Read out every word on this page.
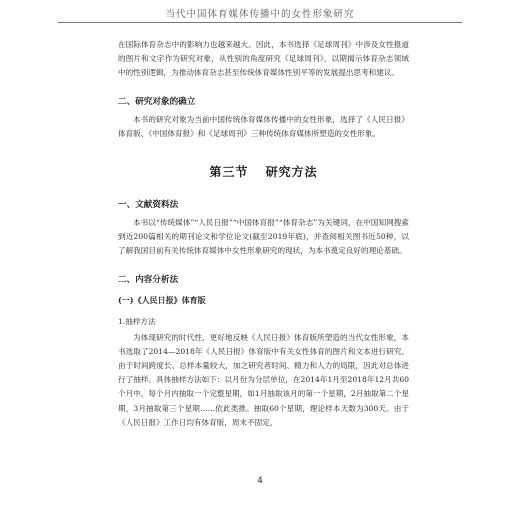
当代中国体育媒体传播中的女性形象研究

在国际体育杂志中的影响力也越来越大。因此，本书选择《足球周刊》中涉及女性报道的图片和文字作为研究对象，从性别的角度研究《足球周刊》，以期揭示体育杂志领域中的性别逻辑，为推动体育杂志甚至传统体育媒体性别平等的发展提出思考和建议。

二、研究对象的确立

本书的研究对象为当前中国传统体育媒体传播中的女性形象，选择了《人民日报》体育版、《中国体育报》和《足球周刊》三种传统体育媒体所塑造的女性形象。

第三节 研究方法
一、文献资料法

本书以“传统媒体”“人民日报”“中国体育报”“体育杂志”为关键词，在中国知网搜索到近200篇相关的期刊论文和学位论文(截至2019年底)，并查阅相关图书近50种，以了解我国目前有关传统体育媒体中女性形象研究的现状，为本书奠定良好的理论基础。

二、内容分析法
(一)《人民日报》体育版
1.抽样方法

为体现研究的时代性，更好地反映《人民日报》体育版所塑造的当代女性形象，本书选取了2014—2018年《人民日报》体育版中有关女性体育的图片和文本进行研究。由于时间跨度长、总样本量较大，加之研究者时间、精力和人力的局限，因此对总体进行了抽样。具体抽样方法如下：以月份为分层单位，在2014年1月至2018年12月共60个月中，每个月内抽取一个完整星期，如1月抽取该月的第一个星期，2月抽取第二个星期，3月抽取第三个星期……依此类推。抽取60个星期，理论样本天数为300天。由于《人民日报》工作日均有体育版，周末不固定，

4
